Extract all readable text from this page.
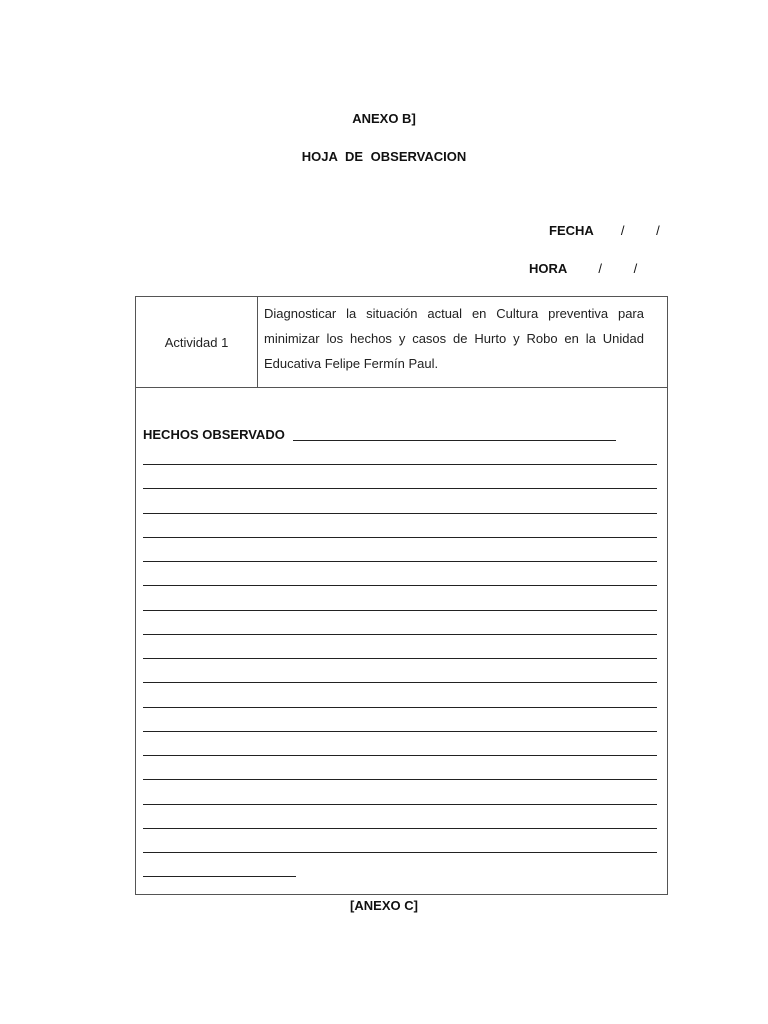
ANEXO B]
HOJA DE OBSERVACION
FECHA / /
HORA / /
Actividad 1
Diagnosticar la situación actual en Cultura preventiva para minimizar los hechos y casos de Hurto y Robo en la Unidad Educativa Felipe Fermín Paul.
HECHOS OBSERVADO
[ANEXO C]
